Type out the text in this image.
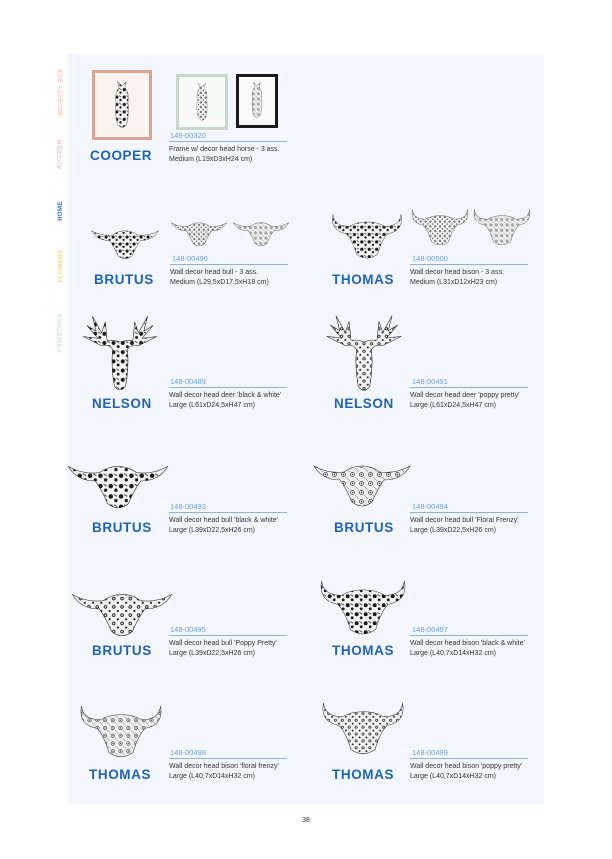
NOVELTY BOX
KITCHEN
HOME
FLOWERS
CHRISTMAS
COOPER
148-00320
Frame w/ decor head horse - 3 ass.
Medium (L19xD3xH24 cm)
BRUTUS
148-00496
Wall decor head bull - 3 ass.
Medium (L29,5xD17,5xH18 cm)	THOMAS
148-00500
Wall decor head bison - 3 ass.
Medium (L31xD12xH23 cm)
NELSON
148-00489
Wall decor head deer 'black & white'
Large (L61xD24,5xH47 cm)	NELSON
148-00491
Wall decor head deer 'poppy pretty'
Large (L61xD24,5xH47 cm)
BRUTUS
148-00493
Wall decor head bull 'black & white'
Large (L39xD22,5xH26 cm)	BRUTUS
148-00494
Wall decor head bull 'Floral Frenzy'
Large (L39xD22,5xH26 cm)
BRUTUS
148-00495
Wall decor head bull 'Poppy Pretty'
Large (L39xD22,5xH26 cm)	THOMAS
148-00497
Wall decor head bison 'black & white'
Large (L40,7xD14xH32 cm)
THOMAS
148-00498
Wall decor head bison 'floral frenzy'
Large (L40,7xD14xH32 cm)	THOMAS
148-00499
Wall decor head bison 'poppy pretty'
Large (L40,7xD14xH32 cm)
38
